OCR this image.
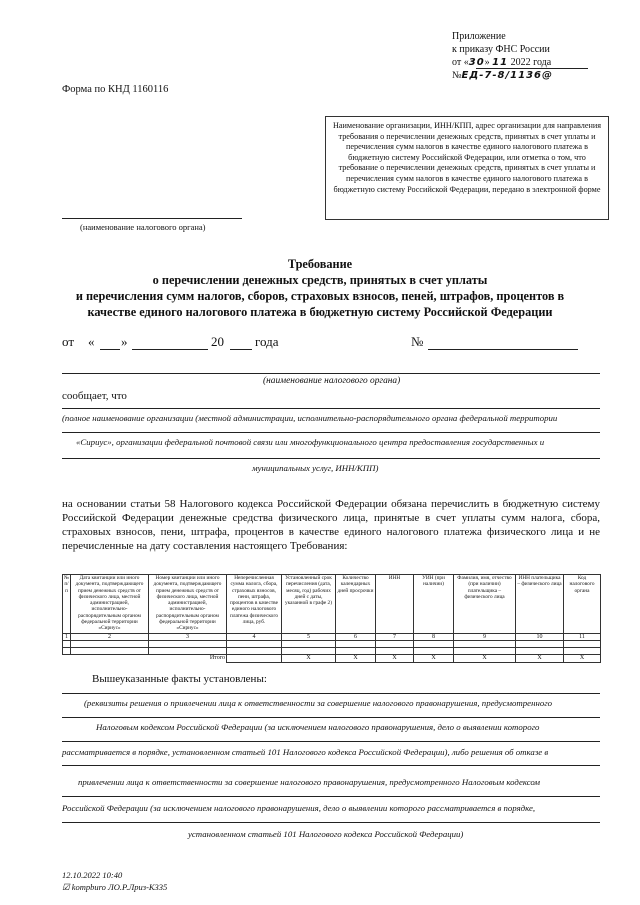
Приложение
к приказу ФНС России
от «30» 11 2022 года
№ЕД-7-8/1136@
Форма по КНД 1160116
Наименование организации, ИНН/КПП, адрес организации для направления требования о перечислении денежных средств, принятых в счет уплаты и перечисления сумм налогов в качестве единого налогового платежа в бюджетную систему Российской Федерации, или отметка о том, что требование о перечислении денежных средств, принятых в счет уплаты и перечисления сумм налогов в качестве единого налогового платежа в бюджетную систему Российской Федерации, передано в электронной форме
(наименование налогового органа)
Требование
о перечислении денежных средств, принятых в счет уплаты
и перечисления сумм налогов, сборов, страховых взносов, пеней, штрафов, процентов в
качестве единого налогового платежа в бюджетную систему Российской Федерации
от « »	20 года	№
(наименование налогового органа)
сообщает, что
(полное наименование организации (местной администрации, исполнительно-распорядительного органа федеральной территории
«Сириус», организации федеральной почтовой связи или многофункционального центра предоставления государственных и
муниципальных услуг, ИНН/КПП)
на основании статьи 58 Налогового кодекса Российской Федерации обязана перечислить в бюджетную систему Российской Федерации денежные средства физического лица, принятые в счет уплаты сумм налога, сбора, страховых взносов, пени, штрафа, процентов в качестве единого налогового платежа физического лица и не перечисленные на дату составления настоящего Требования:
№ п/п	Дата квитанции или иного документа, подтверждающего прием денежных средств от физического лица, местной администрацией, исполнительно-распорядительным органом федеральной территории «Сириус»	Номер квитанции или иного документа, подтверждающего прием денежных средств от физического лица, местной администрацией, исполнительно-распорядительным органом федеральной территории «Сириус»	Неперечисленная сумма налога, сбора, страховых взносов, пени, штрафа, процентов в качестве единого налогового платежа физического лица, руб.	Установленный срок перечисления (дата, месяц, год) рабочих дней с даты, указанной в графе 2)	Количество календарных дней просрочки	ИНН	УИН (при наличии)	Фамилия, имя, отчество (при наличии) плательщика – физического лица	ИНН плательщика – физического лица	Код налогового органа
1	2	3	4	5	6	7	8	9	10	11

Итого				X	X	X	X	X	X	X
Вышеуказанные факты установлены:
(реквизиты решения о привлечении лица к ответственности за совершение налогового правонарушения, предусмотренного
Налоговым кодексом Российской Федерации (за исключением налогового правонарушения, дело о выявлении которого
рассматривается в порядке, установленном статьей 101 Налогового кодекса Российской Федерации), либо решения об отказе в
привлечении лица к ответственности за совершение налогового правонарушения, предусмотренного Налоговым кодексом
Российской Федерации (за исключением налогового правонарушения, дело о выявлении которого рассматривается в порядке,
установленном статьей 101 Налогового кодекса Российской Федерации)
12.10.2022 10:40
☑ kompburo ЛО.Р.Лриз-К335
